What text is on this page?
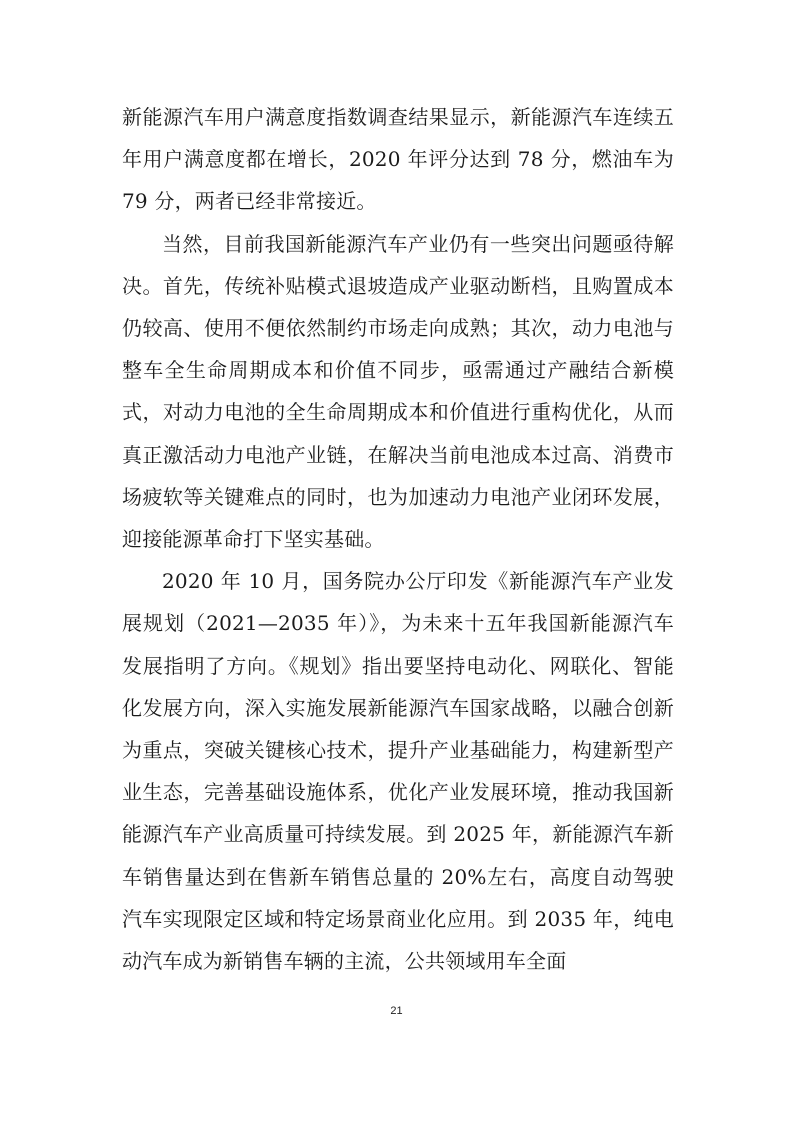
新能源汽车用户满意度指数调查结果显示，新能源汽车连续五年用户满意度都在增长，2020 年评分达到 78 分，燃油车为 79 分，两者已经非常接近。

当然，目前我国新能源汽车产业仍有一些突出问题亟待解决。首先，传统补贴模式退坡造成产业驱动断档，且购置成本仍较高、使用不便依然制约市场走向成熟；其次，动力电池与整车全生命周期成本和价值不同步，亟需通过产融结合新模式，对动力电池的全生命周期成本和价值进行重构优化，从而真正激活动力电池产业链，在解决当前电池成本过高、消费市场疲软等关键难点的同时，也为加速动力电池产业闭环发展，迎接能源革命打下坚实基础。

2020 年 10 月，国务院办公厅印发《新能源汽车产业发展规划（2021—2035 年）》，为未来十五年我国新能源汽车发展指明了方向。《规划》指出要坚持电动化、网联化、智能化发展方向，深入实施发展新能源汽车国家战略，以融合创新为重点，突破关键核心技术，提升产业基础能力，构建新型产业生态，完善基础设施体系，优化产业发展环境，推动我国新能源汽车产业高质量可持续发展。到 2025 年，新能源汽车新车销售量达到在售新车销售总量的 20%左右，高度自动驾驶汽车实现限定区域和特定场景商业化应用。到 2035 年，纯电动汽车成为新销售车辆的主流，公共领域用车全面

21
